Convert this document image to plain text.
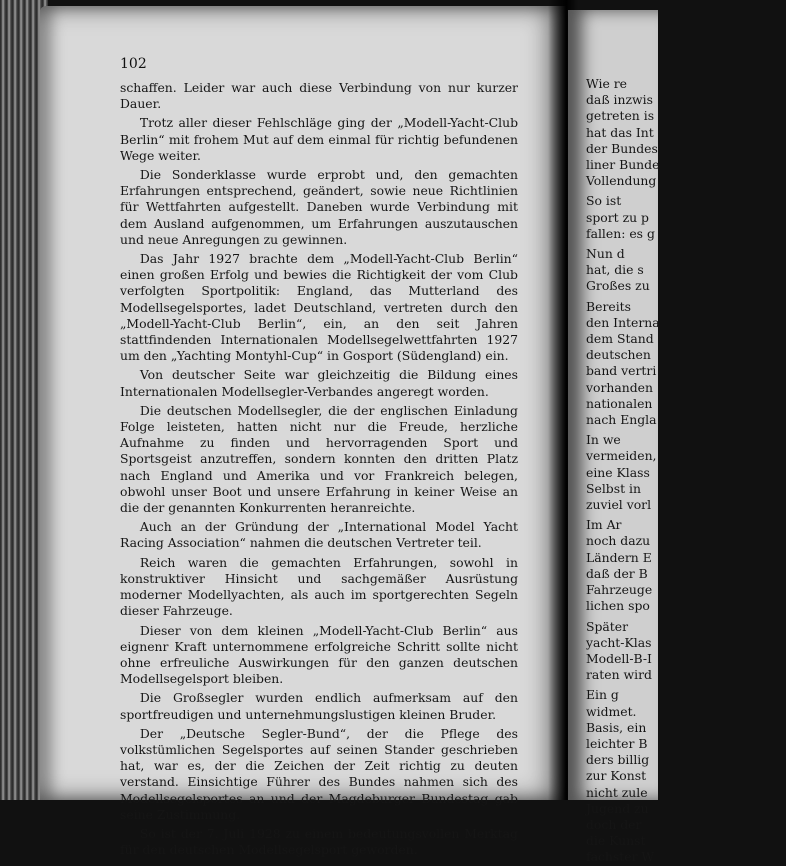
102

schaffen. Leider war auch diese Verbindung von nur kurzer Dauer.

Trotz aller dieser Fehlschläge ging der „Modell-Yacht-Club Berlin“ mit frohem Mut auf dem einmal für richtig befundenen Wege weiter.

Die Sonderklasse wurde erprobt und, den gemachten Erfahrungen entsprechend, geändert, sowie neue Richtlinien für Wettfahrten aufgestellt. Daneben wurde Verbindung mit dem Ausland aufgenommen, um Erfahrungen auszutauschen und neue Anregungen zu gewinnen.

Das Jahr 1927 brachte dem „Modell-Yacht-Club Berlin“ einen großen Erfolg und bewies die Richtigkeit der vom Club verfolgten Sportpolitik: England, das Mutterland des Modellsegelsportes, ladet Deutschland, vertreten durch den „Modell-Yacht-Club Berlin“, ein, an den seit Jahren stattfindenden Internationalen Modellsegelwettfahrten 1927 um den „Yachting Montyhl-Cup“ in Gosport (Südengland) ein.

Von deutscher Seite war gleichzeitig die Bildung eines Internationalen Modellsegler-Verbandes angeregt worden.

Die deutschen Modellsegler, die der englischen Einladung Folge leisteten, hatten nicht nur die Freude, herzliche Aufnahme zu finden und hervorragenden Sport und Sportsgeist anzutreffen, sondern konnten den dritten Platz nach England und Amerika und vor Frankreich belegen, obwohl unser Boot und unsere Erfahrung in keiner Weise an die der genannten Konkurrenten heranreichte.

Auch an der Gründung der „International Model Yacht Racing Association“ nahmen die deutschen Vertreter teil.

Reich waren die gemachten Erfahrungen, sowohl in konstruktiver Hinsicht und sachgemäßer Ausrüstung moderner Modellyachten, als auch im sportgerechten Segeln dieser Fahrzeuge.

Dieser von dem kleinen „Modell-Yacht-Club Berlin“ aus eignenr Kraft unternommene erfolgreiche Schritt sollte nicht ohne erfreuliche Auswirkungen für den ganzen deutschen Modellsegelsport bleiben.

Die Großsegler wurden endlich aufmerksam auf den sportfreudigen und unternehmungslustigen kleinen Bruder.

Der „Deutsche Segler-Bund“, der die Pflege des volkstümlichen Segelsportes auf seinen Stander geschrieben hat, war es, der die Zeichen der Zeit richtig zu deuten verstand. Einsichtige Führer des Bundes nahmen sich des Modellsegelsportes an und der Magdeburger Bundestag gab seine Zustimmung.

So ist der 7. Juli 1928 zu einem bedeutungsvollen Merktag für den deutschen Modellsegelsport geworden.

Wie re
daß inzwis
getreten is
hat das Int
der Bundes
liner Bunde
Vollendung
So ist
sport zu p
fallen: es g
Nun d
hat, die s
Großes zu
Bereits
den Interna
dem Stand
deutschen
band vertri
vorhanden
nationalen
nach Engla
In we
vermeiden,
eine Klass
Selbst in
zuviel vorl
Im Ar
noch dazu
Ländern E
daß der B
Fahrzeuge
lichen spo
Später
yacht-Klas
Modell-B-I
raten wird
Ein g
widmet.
Basis, ein
leichter B
ders billig
zur Konst
nicht zule
Jugend zu
doch der
die Kunst
fachster W
